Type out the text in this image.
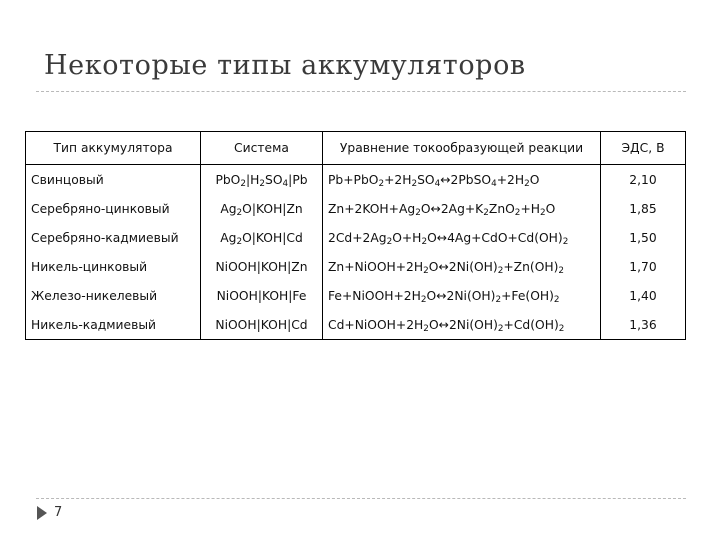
Некоторые типы аккумуляторов
Тип аккумулятора	Система	Уравнение токообразующей реакции	ЭДС, В
Свинцовый	$PbO_2|H_2SO_4|Pb$	$Pb+PbO_2+2H_2SO_4\leftrightarrow 2PbSO_4+2H_2O$	2,10
Серебряно-цинковый	$Ag_2O|KOH|Zn$	$Zn+2KOH+Ag_2O\leftrightarrow 2Ag+K_2ZnO_2+H_2O$	1,85
Серебряно-кадмиевый	$Ag_2O|KOH|Cd$	$2Cd+2Ag_2O+H_2O\leftrightarrow 4Ag+CdO+Cd(OH)_2$	1,50
Никель-цинковый	NiOOH|KOH|Zn	$Zn+NiOOH+2H_2O\leftrightarrow 2Ni(OH)_2+Zn(OH)_2$	1,70
Железо-никелевый	NiOOH|KOH|Fe	$Fe+NiOOH+2H_2O\leftrightarrow 2Ni(OH)_2+Fe(OH)_2$	1,40
Никель-кадмиевый	NiOOH|KOH|Cd	$Cd+NiOOH+2H_2O\leftrightarrow 2Ni(OH)_2+Cd(OH)_2$	1,36
7
